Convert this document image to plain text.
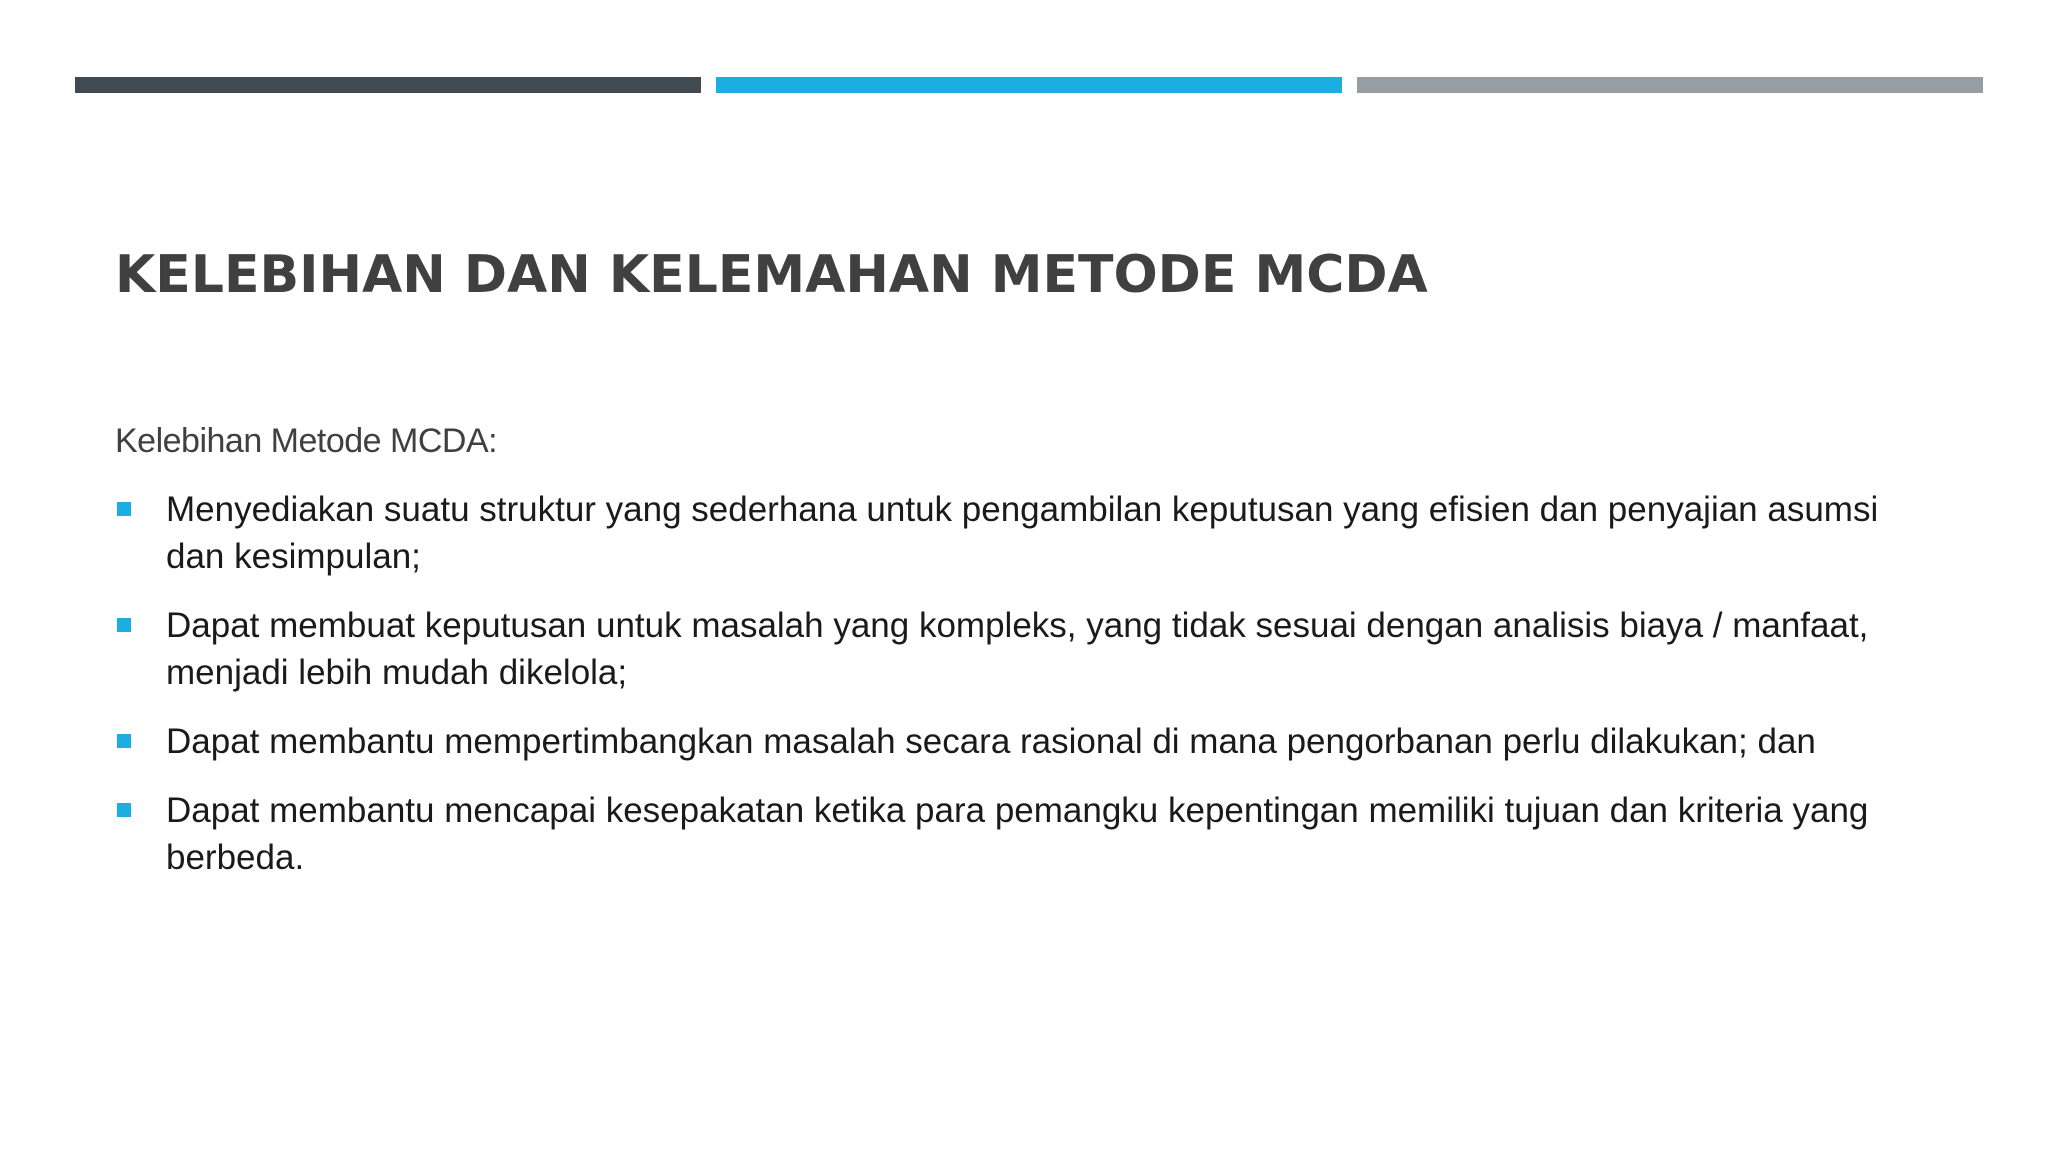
KELEBIHAN DAN KELEMAHAN METODE MCDA

Kelebihan Metode MCDA:

Menyediakan suatu struktur yang sederhana untuk pengambilan keputusan yang efisien dan penyajian asumsi dan kesimpulan;
Dapat membuat keputusan untuk masalah yang kompleks, yang tidak sesuai dengan analisis biaya / manfaat, menjadi lebih mudah dikelola;
Dapat membantu mempertimbangkan masalah secara rasional di mana pengorbanan perlu dilakukan; dan
Dapat membantu mencapai kesepakatan ketika para pemangku kepentingan memiliki tujuan dan kriteria yang berbeda.
